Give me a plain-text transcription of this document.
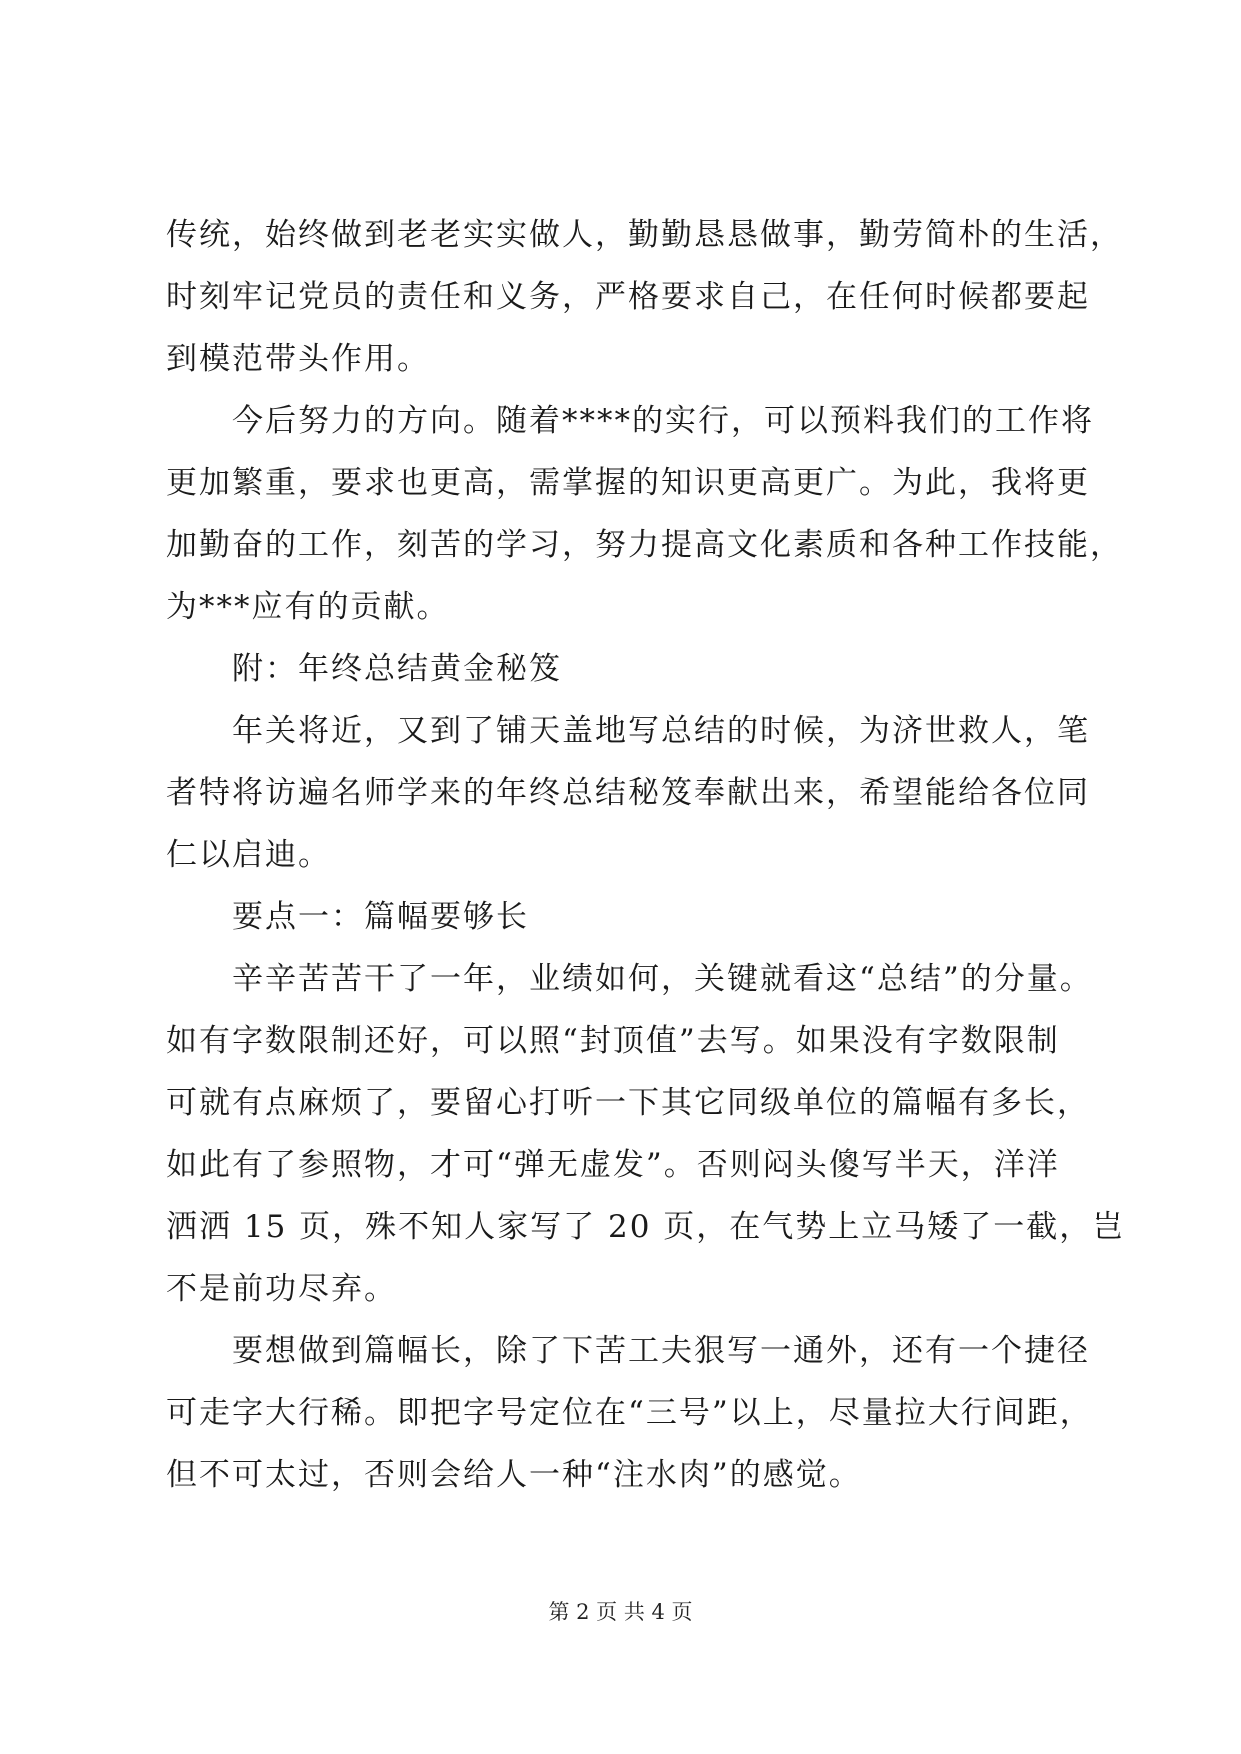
传统，始终做到老老实实做人，勤勤恳恳做事，勤劳简朴的生活，
时刻牢记党员的责任和义务，严格要求自己，在任何时候都要起
到模范带头作用。
今后努力的方向。随着****的实行，可以预料我们的工作将
更加繁重，要求也更高，需掌握的知识更高更广。为此，我将更
加勤奋的工作，刻苦的学习，努力提高文化素质和各种工作技能，
为***应有的贡献。
附：年终总结黄金秘笈
年关将近，又到了铺天盖地写总结的时候，为济世救人，笔
者特将访遍名师学来的年终总结秘笈奉献出来，希望能给各位同
仁以启迪。
要点一：篇幅要够长
辛辛苦苦干了一年，业绩如何，关键就看这“总结”的分量。
如有字数限制还好，可以照“封顶值”去写。如果没有字数限制
可就有点麻烦了，要留心打听一下其它同级单位的篇幅有多长，
如此有了参照物，才可“弹无虚发”。否则闷头傻写半天，洋洋
洒洒 15 页，殊不知人家写了 20 页，在气势上立马矮了一截，岂
不是前功尽弃。
要想做到篇幅长，除了下苦工夫狠写一通外，还有一个捷径
可走字大行稀。即把字号定位在“三号”以上，尽量拉大行间距，
但不可太过，否则会给人一种“注水肉”的感觉。
第 2 页 共 4 页
